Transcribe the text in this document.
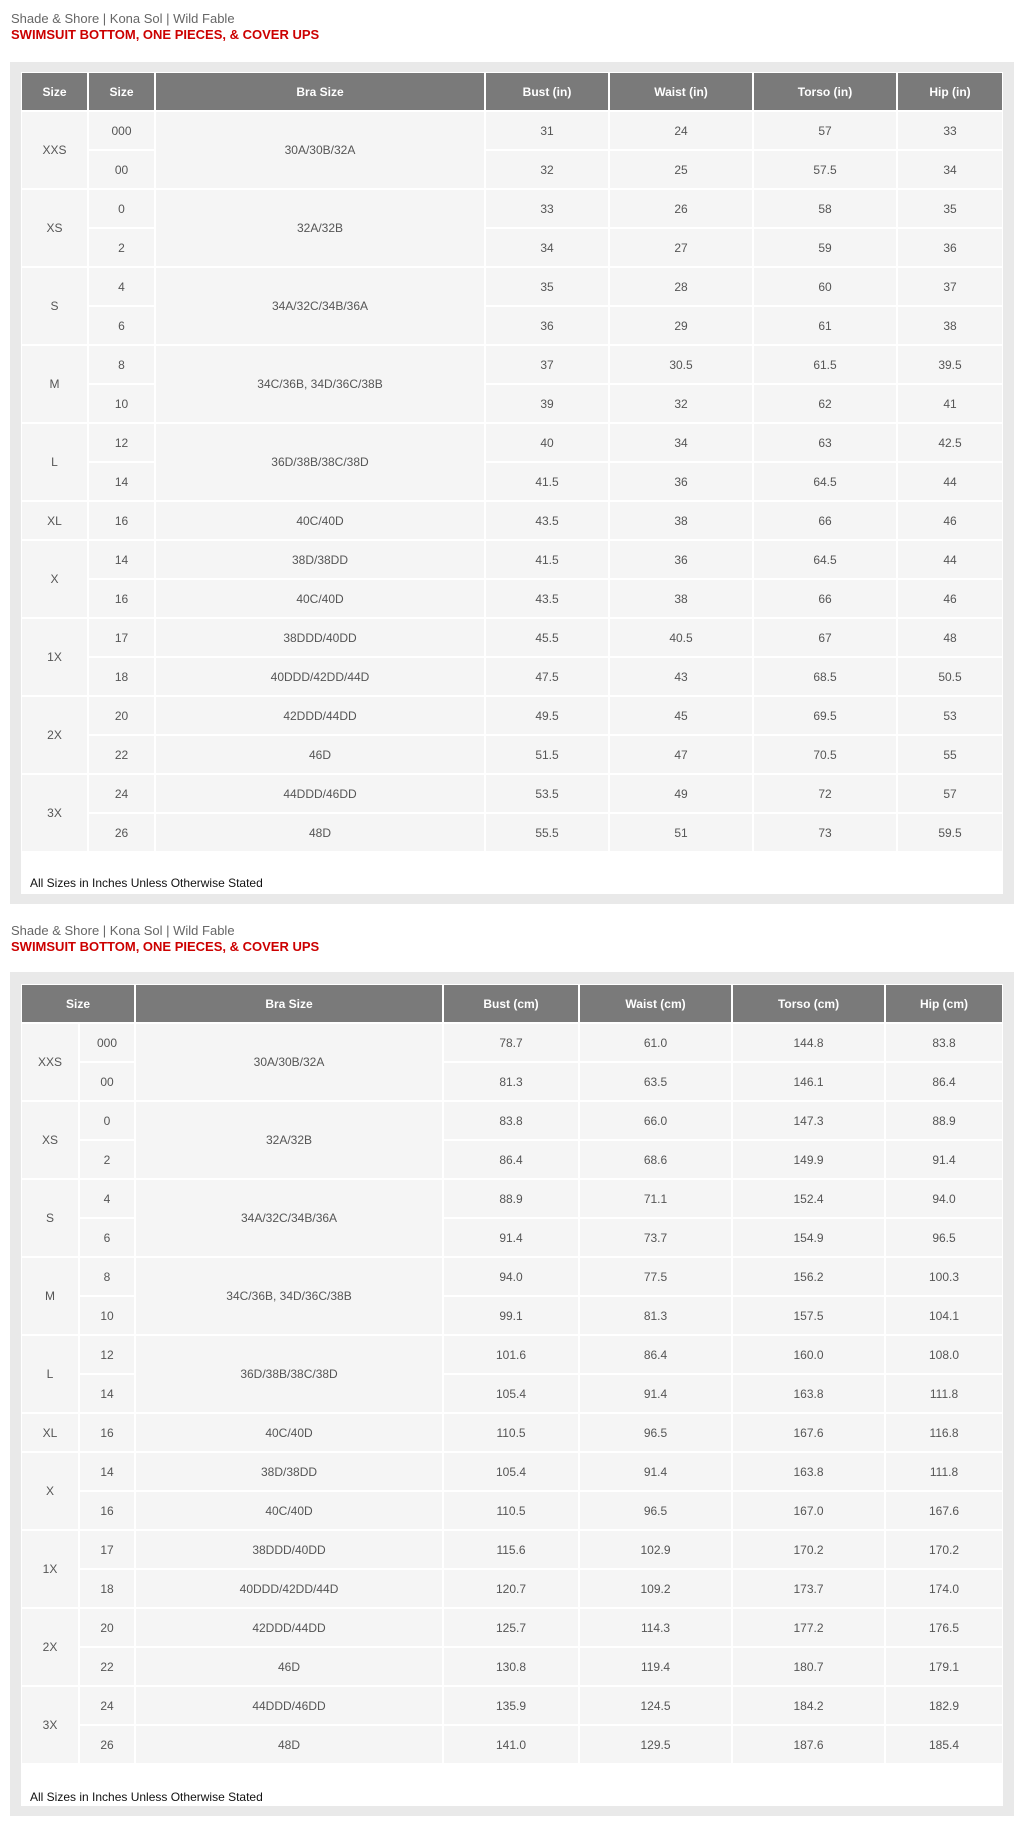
Shade & Shore | Kona Sol | Wild Fable
SWIMSUIT BOTTOM, ONE PIECES, & COVER UPS
Size	Size	Bra Size	Bust (in)	Waist (in)	Torso (in)	Hip (in)
XXS	000	30A/30B/32A	31	24	57	33
	00		32	25	57.5	34
XS	0	32A/32B	33	26	58	35
	2		34	27	59	36
S	4	34A/32C/34B/36A	35	28	60	37
	6		36	29	61	38
M	8	34C/36B, 34D/36C/38B	37	30.5	61.5	39.5
	10		39	32	62	41
L	12	36D/38B/38C/38D	40	34	63	42.5
	14		41.5	36	64.5	44
XL	16	40C/40D	43.5	38	66	46
X	14	38D/38DD	41.5	36	64.5	44
	16	40C/40D	43.5	38	66	46
1X	17	38DDD/40DD	45.5	40.5	67	48
	18	40DDD/42DD/44D	47.5	43	68.5	50.5
2X	20	42DDD/44DD	49.5	45	69.5	53
	22	46D	51.5	47	70.5	55
3X	24	44DDD/46DD	53.5	49	72	57
	26	48D	55.5	51	73	59.5
All Sizes in Inches Unless Otherwise Stated
Shade & Shore | Kona Sol | Wild Fable
SWIMSUIT BOTTOM, ONE PIECES, & COVER UPS
Size		Bra Size	Bust (cm)	Waist (cm)	Torso (cm)	Hip (cm)
XXS	000	30A/30B/32A	78.7	61.0	144.8	83.8
	00		81.3	63.5	146.1	86.4
XS	0	32A/32B	83.8	66.0	147.3	88.9
	2		86.4	68.6	149.9	91.4
S	4	34A/32C/34B/36A	88.9	71.1	152.4	94.0
	6		91.4	73.7	154.9	96.5
M	8	34C/36B, 34D/36C/38B	94.0	77.5	156.2	100.3
	10		99.1	81.3	157.5	104.1
L	12	36D/38B/38C/38D	101.6	86.4	160.0	108.0
	14		105.4	91.4	163.8	111.8
XL	16	40C/40D	110.5	96.5	167.6	116.8
X	14	38D/38DD	105.4	91.4	163.8	111.8
	16	40C/40D	110.5	96.5	167.0	167.6
1X	17	38DDD/40DD	115.6	102.9	170.2	170.2
	18	40DDD/42DD/44D	120.7	109.2	173.7	174.0
2X	20	42DDD/44DD	125.7	114.3	177.2	176.5
	22	46D	130.8	119.4	180.7	179.1
3X	24	44DDD/46DD	135.9	124.5	184.2	182.9
	26	48D	141.0	129.5	187.6	185.4
All Sizes in Inches Unless Otherwise Stated
